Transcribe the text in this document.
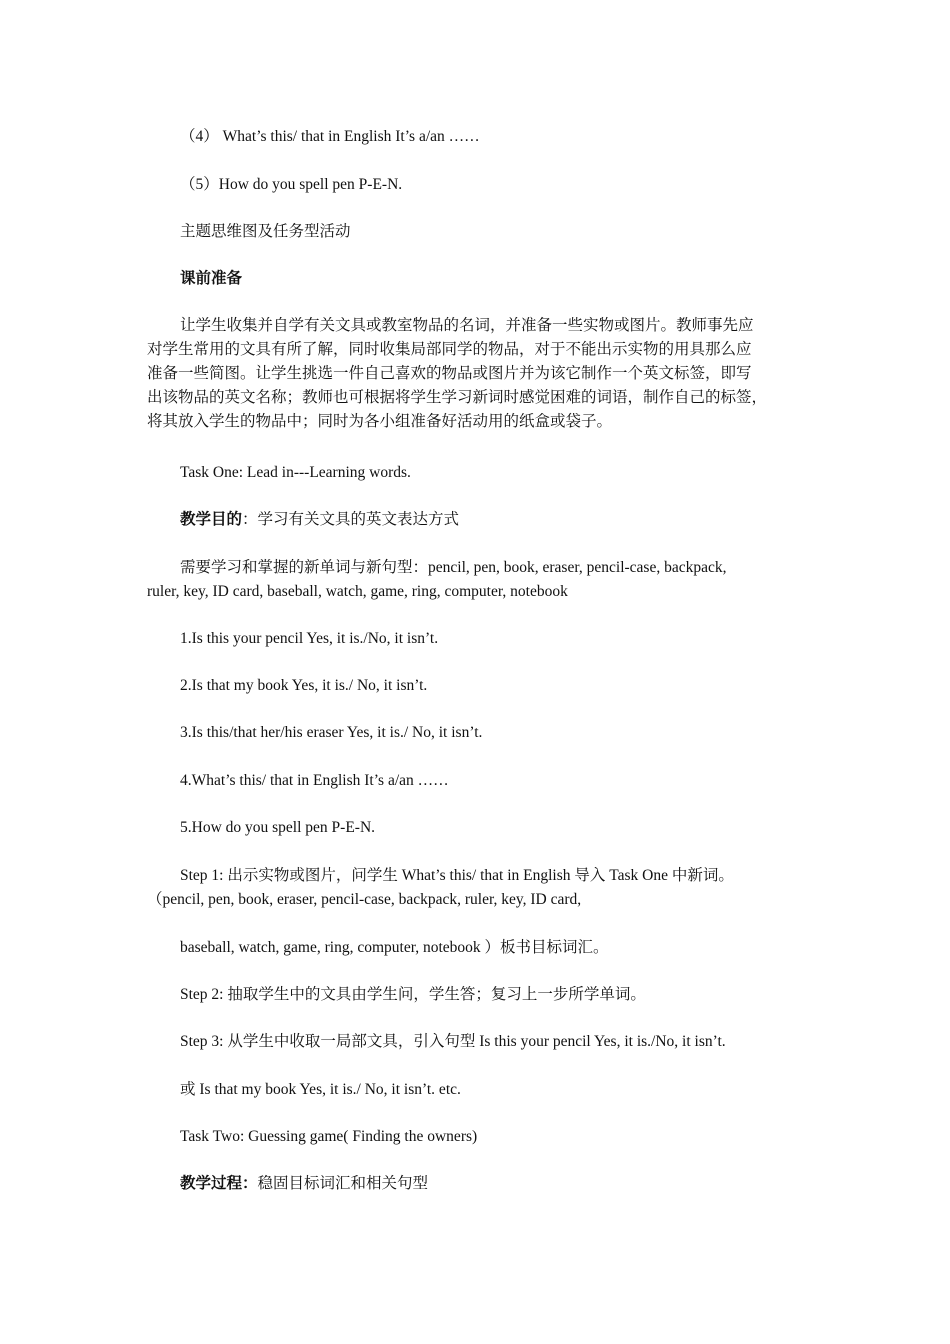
（4） What’s this/ that in English It’s a/an ……
（5）How do you spell pen P-E-N.
主题思维图及任务型活动
课前准备
让学生收集并自学有关文具或教室物品的名词，并准备一些实物或图片。教师事先应
对学生常用的文具有所了解，同时收集局部同学的物品，对于不能出示实物的用具那么应
准备一些简图。让学生挑选一件自己喜欢的物品或图片并为该它制作一个英文标签，即写
出该物品的英文名称；教师也可根据将学生学习新词时感觉困难的词语，制作自己的标签，
将其放入学生的物品中；同时为各小组准备好活动用的纸盒或袋子。
Task One: Lead in---Learning words.
教学目的：学习有关文具的英文表达方式
需要学习和掌握的新单词与新句型：pencil, pen, book, eraser, pencil-case, backpack,
ruler, key, ID card, baseball, watch, game, ring, computer, notebook
1.Is this your pencil Yes, it is./No, it isn’t.
2.Is that my book Yes, it is./ No, it isn’t.
3.Is this/that her/his eraser Yes, it is./ No, it isn’t.
4.What’s this/ that in English It’s a/an ……
5.How do you spell pen P-E-N.
Step 1: 出示实物或图片，问学生 What’s this/ that in English 导入 Task One 中新词。
（pencil, pen, book, eraser, pencil-case, backpack, ruler, key, ID card,
baseball, watch, game, ring, computer, notebook ）板书目标词汇。
Step 2: 抽取学生中的文具由学生问，学生答；复习上一步所学单词。
Step 3: 从学生中收取一局部文具，引入句型 Is this your pencil Yes, it is./No, it isn’t.
或 Is that my book Yes, it is./ No, it isn’t. etc.
Task Two: Guessing game( Finding the owners)
教学过程：稳固目标词汇和相关句型
